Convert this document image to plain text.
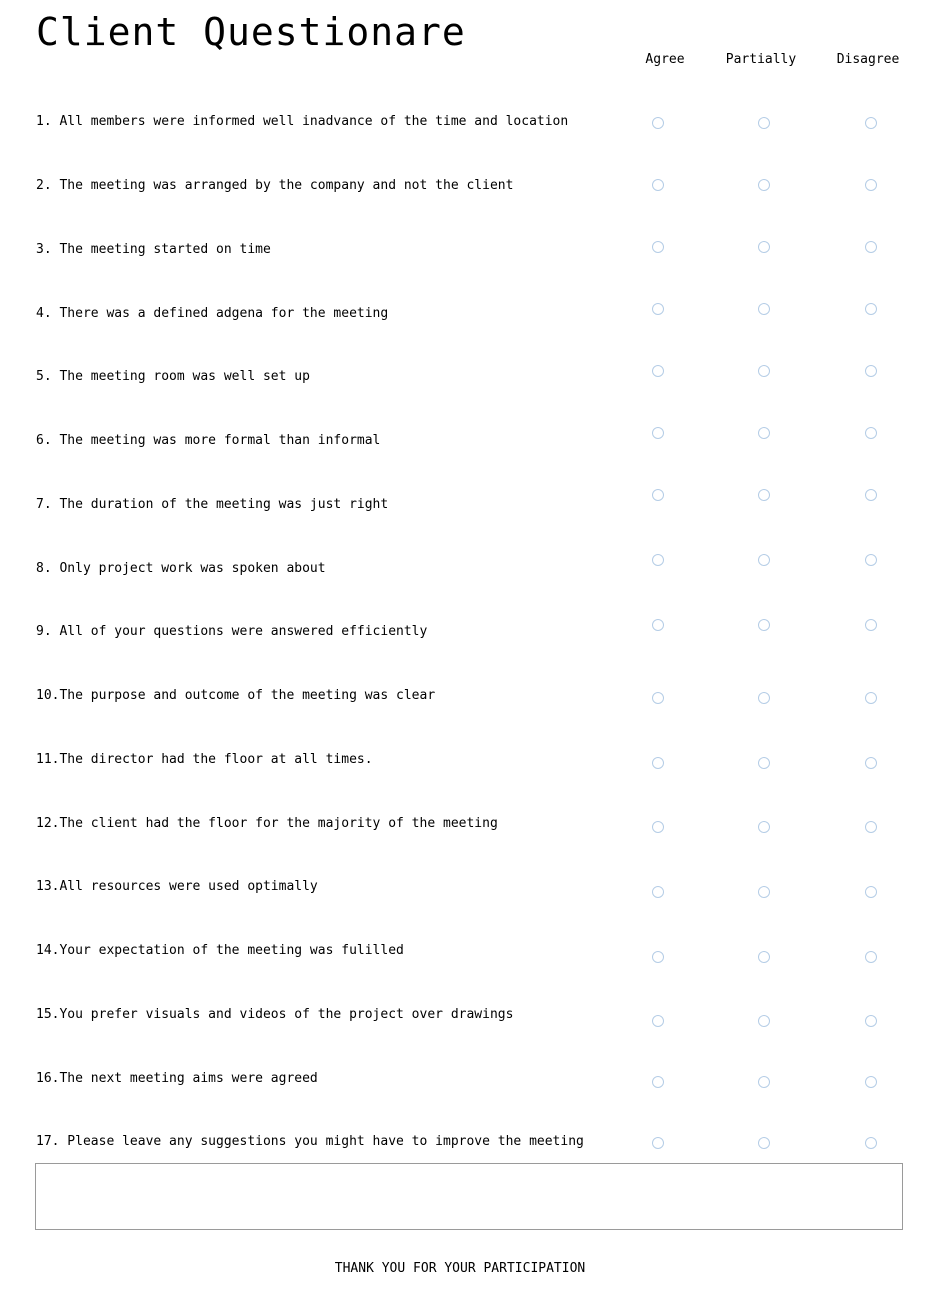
Client Questionare
Agree	Partially	Disagree
1. All members were informed well inadvance of the time and location
2. The meeting was arranged by the company and not the client
3. The meeting started on time
4. There was a defined adgena for the meeting
5. The meeting room was well set up
6. The meeting was more formal than informal
7. The duration of the meeting was just right
8. Only project work was spoken about
9. All of your questions were answered efficiently
10.The purpose and outcome of the meeting was clear
11.The director had the floor at all times.
12.The client had the floor for the majority of the meeting
13.All resources were used optimally
14.Your expectation of the meeting was fulilled
15.You prefer visuals and videos of the project over drawings
16.The next meeting aims were agreed
17. Please leave any suggestions you might have to improve the meeting
THANK YOU FOR YOUR PARTICIPATION
